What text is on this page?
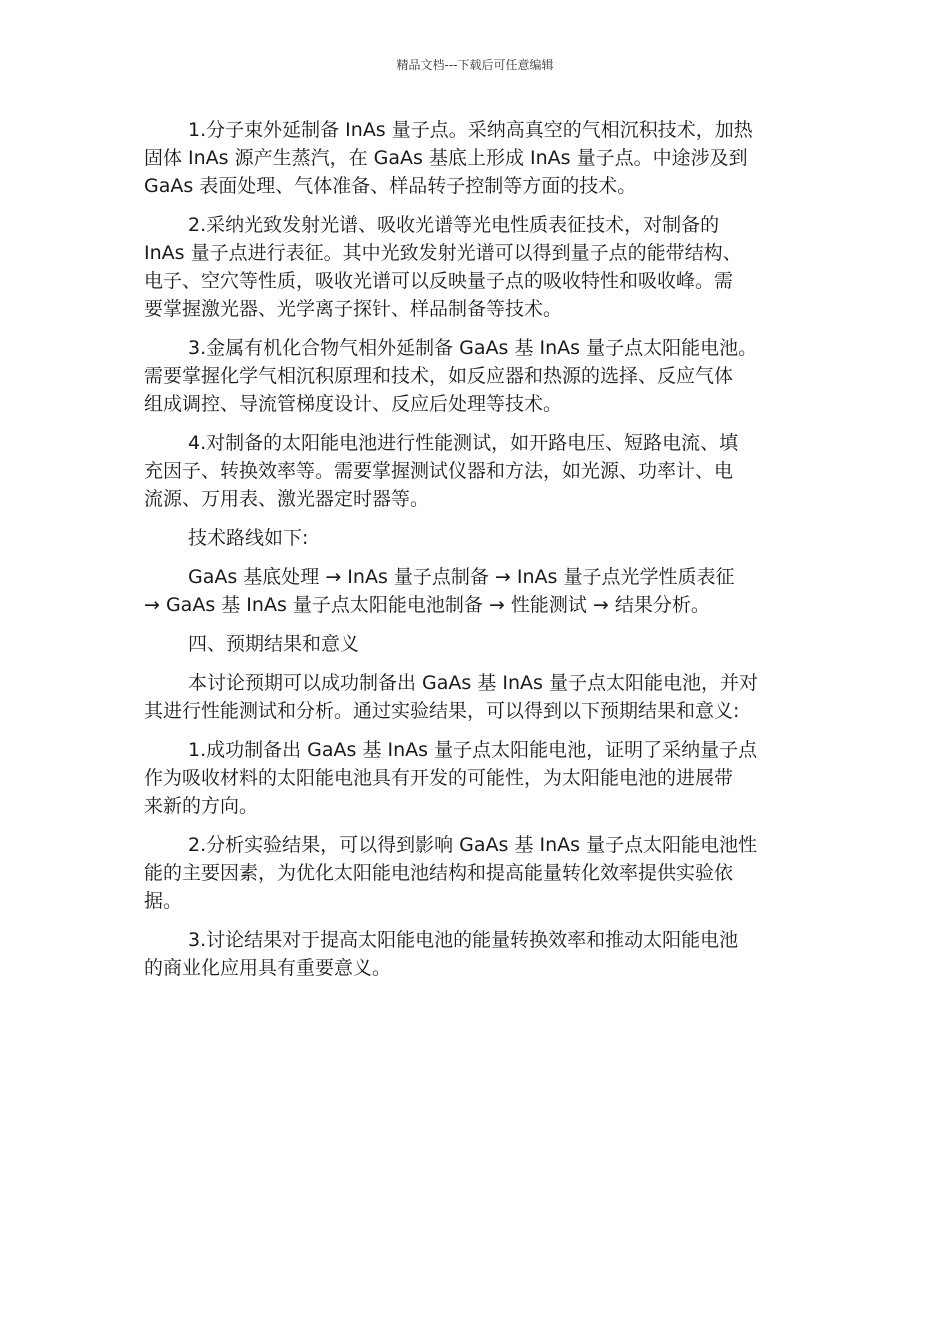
精品文档---下载后可任意编辑

1.分子束外延制备 InAs 量子点。采纳高真空的气相沉积技术，加热
固体 InAs 源产生蒸汽，在 GaAs 基底上形成 InAs 量子点。中途涉及到
GaAs 表面处理、气体准备、样品转子控制等方面的技术。

2.采纳光致发射光谱、吸收光谱等光电性质表征技术，对制备的
InAs 量子点进行表征。其中光致发射光谱可以得到量子点的能带结构、
电子、空穴等性质，吸收光谱可以反映量子点的吸收特性和吸收峰。需
要掌握激光器、光学离子探针、样品制备等技术。

3.金属有机化合物气相外延制备 GaAs 基 InAs 量子点太阳能电池。
需要掌握化学气相沉积原理和技术，如反应器和热源的选择、反应气体
组成调控、导流管梯度设计、反应后处理等技术。

4.对制备的太阳能电池进行性能测试，如开路电压、短路电流、填
充因子、转换效率等。需要掌握测试仪器和方法，如光源、功率计、电
流源、万用表、激光器定时器等。

技术路线如下:

GaAs 基底处理 → InAs 量子点制备 → InAs 量子点光学性质表征
→ GaAs 基 InAs 量子点太阳能电池制备 → 性能测试 → 结果分析。

四、预期结果和意义

本讨论预期可以成功制备出 GaAs 基 InAs 量子点太阳能电池，并对
其进行性能测试和分析。通过实验结果，可以得到以下预期结果和意义:

1.成功制备出 GaAs 基 InAs 量子点太阳能电池，证明了采纳量子点
作为吸收材料的太阳能电池具有开发的可能性，为太阳能电池的进展带
来新的方向。

2.分析实验结果，可以得到影响 GaAs 基 InAs 量子点太阳能电池性
能的主要因素，为优化太阳能电池结构和提高能量转化效率提供实验依
据。

3.讨论结果对于提高太阳能电池的能量转换效率和推动太阳能电池
的商业化应用具有重要意义。
